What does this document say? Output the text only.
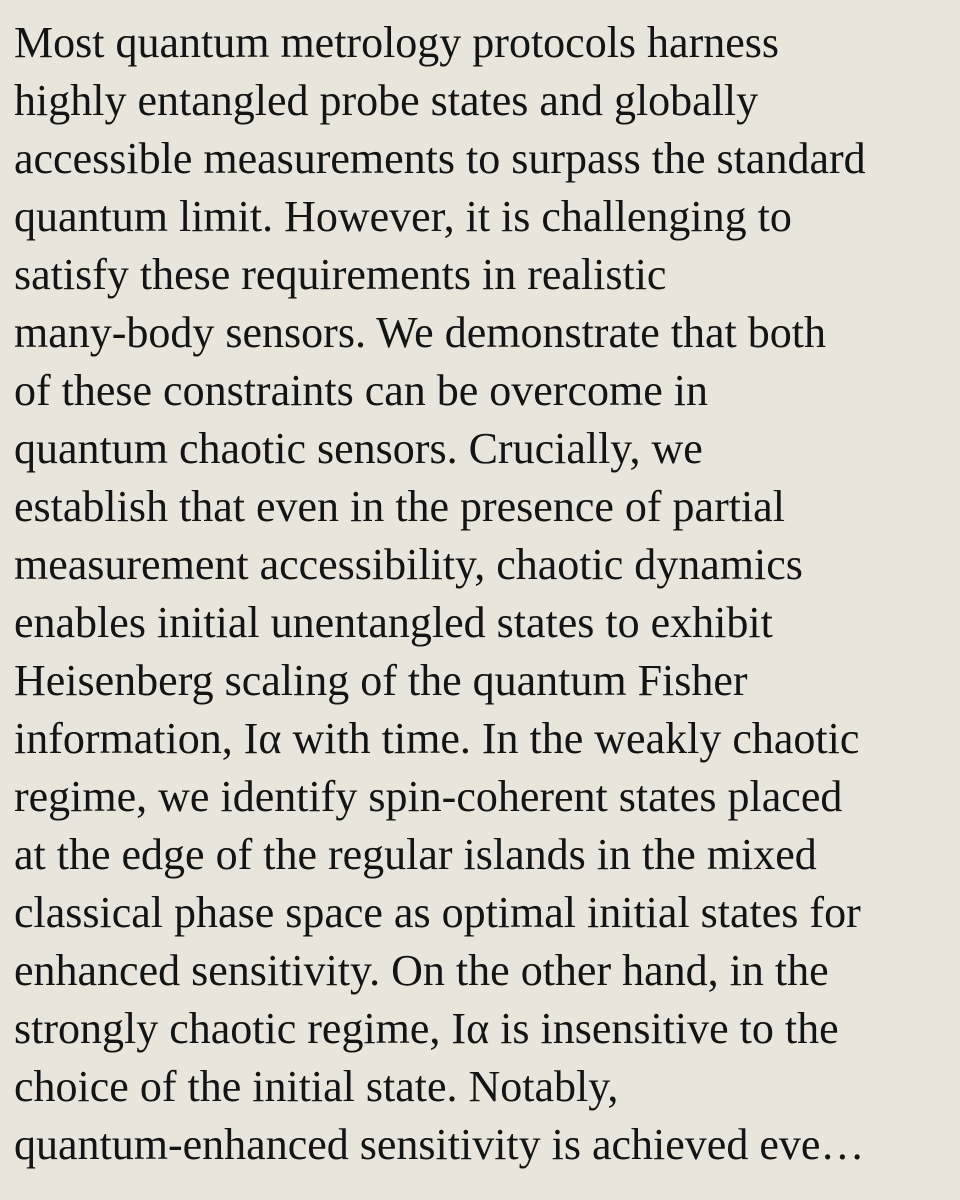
Most quantum metrology protocols harness
highly entangled probe states and globally
accessible measurements to surpass the standard
quantum limit. However, it is challenging to
satisfy these requirements in realistic
many-body sensors. We demonstrate that both
of these constraints can be overcome in
quantum chaotic sensors. Crucially, we
establish that even in the presence of partial
measurement accessibility, chaotic dynamics
enables initial unentangled states to exhibit
Heisenberg scaling of the quantum Fisher
information, Iα with time. In the weakly chaotic
regime, we identify spin-coherent states placed
at the edge of the regular islands in the mixed
classical phase space as optimal initial states for
enhanced sensitivity. On the other hand, in the
strongly chaotic regime, Iα is insensitive to the
choice of the initial state. Notably,
quantum-enhanced sensitivity is achieved eve…
